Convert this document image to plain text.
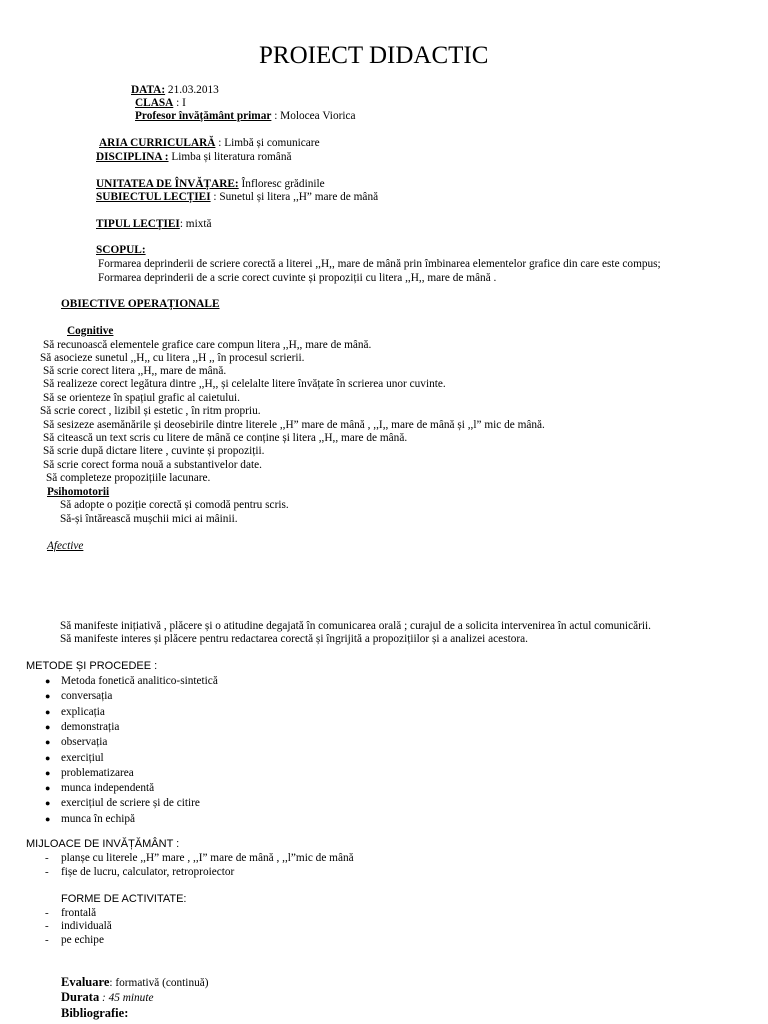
PROIECT DIDACTIC
DATA: 21.03.2013
CLASA : I
Profesor învățământ primar : Molocea Viorica
ARIA CURRICULARĂ : Limbă și comunicare
DISCIPLINA : Limba și literatura română
UNITATEA DE ÎNVĂȚARE: Înfloresc grădinile
SUBIECTUL LECȚIEI : Sunetul și litera ,,H” mare de mână
TIPUL LECȚIEI: mixtă
SCOPUL:
Formarea deprinderii de scriere corectă a literei ,,H,, mare de mână prin îmbinarea elementelor grafice din care este compus;
Formarea deprinderii de a scrie corect cuvinte și propoziții cu litera ,,H,, mare de mână .
OBIECTIVE OPERAȚIONALE
Cognitive
Să recunoască elementele grafice care compun litera ,,H,, mare de mână.
Să asocieze sunetul ,,H,, cu litera ,,H ,, în procesul scrierii.
Să scrie corect litera ,,H,, mare de mână.
Să realizeze corect legătura dintre ,,H,, și celelalte litere învățate în scrierea unor cuvinte.
Să se orienteze în spațiul grafic al caietului.
Să scrie corect , lizibil și estetic , în ritm propriu.
Să sesizeze asemănările și deosebirile dintre literele ,,H” mare de mână , ,,I,, mare de mână și ,,l” mic de mână.
Să citească un text scris cu litere de mână ce conține și litera ,,H,, mare de mână.
Să scrie după dictare litere , cuvinte și propoziții.
Să scrie corect forma nouă a substantivelor date.
Să completeze propozițiile lacunare.
Psihomotorii
Să adopte o poziție corectă și comodă pentru scris.
Să-și întărească mușchii mici ai mâinii.
Afective
Să manifeste inițiativă , plăcere și o atitudine degajată în comunicarea orală ; curajul de a solicita intervenirea în actul comunicării.
Să manifeste interes și plăcere pentru redactarea corectă și îngrijită a propozițiilor și a analizei acestora.
METODE ȘI PROCEDEE :
● Metoda fonetică analitico-sintetică
● conversația
● explicația
● demonstrația
● observația
● exercițiul
● problematizarea
● munca independentă
● exercițiul de scriere și de citire
● munca în echipă
MIJLOACE DE INVĂȚĂMÂNT :
- planșe cu literele ,,H” mare , ,,I” mare de mână , ,,l”mic de mână
- fișe de lucru, calculator, retroproiector
FORME DE ACTIVITATE:
- frontală
- individuală
- pe echipe
Evaluare: formativă (continuă)
Durata : 45 minute
Bibliografie:
